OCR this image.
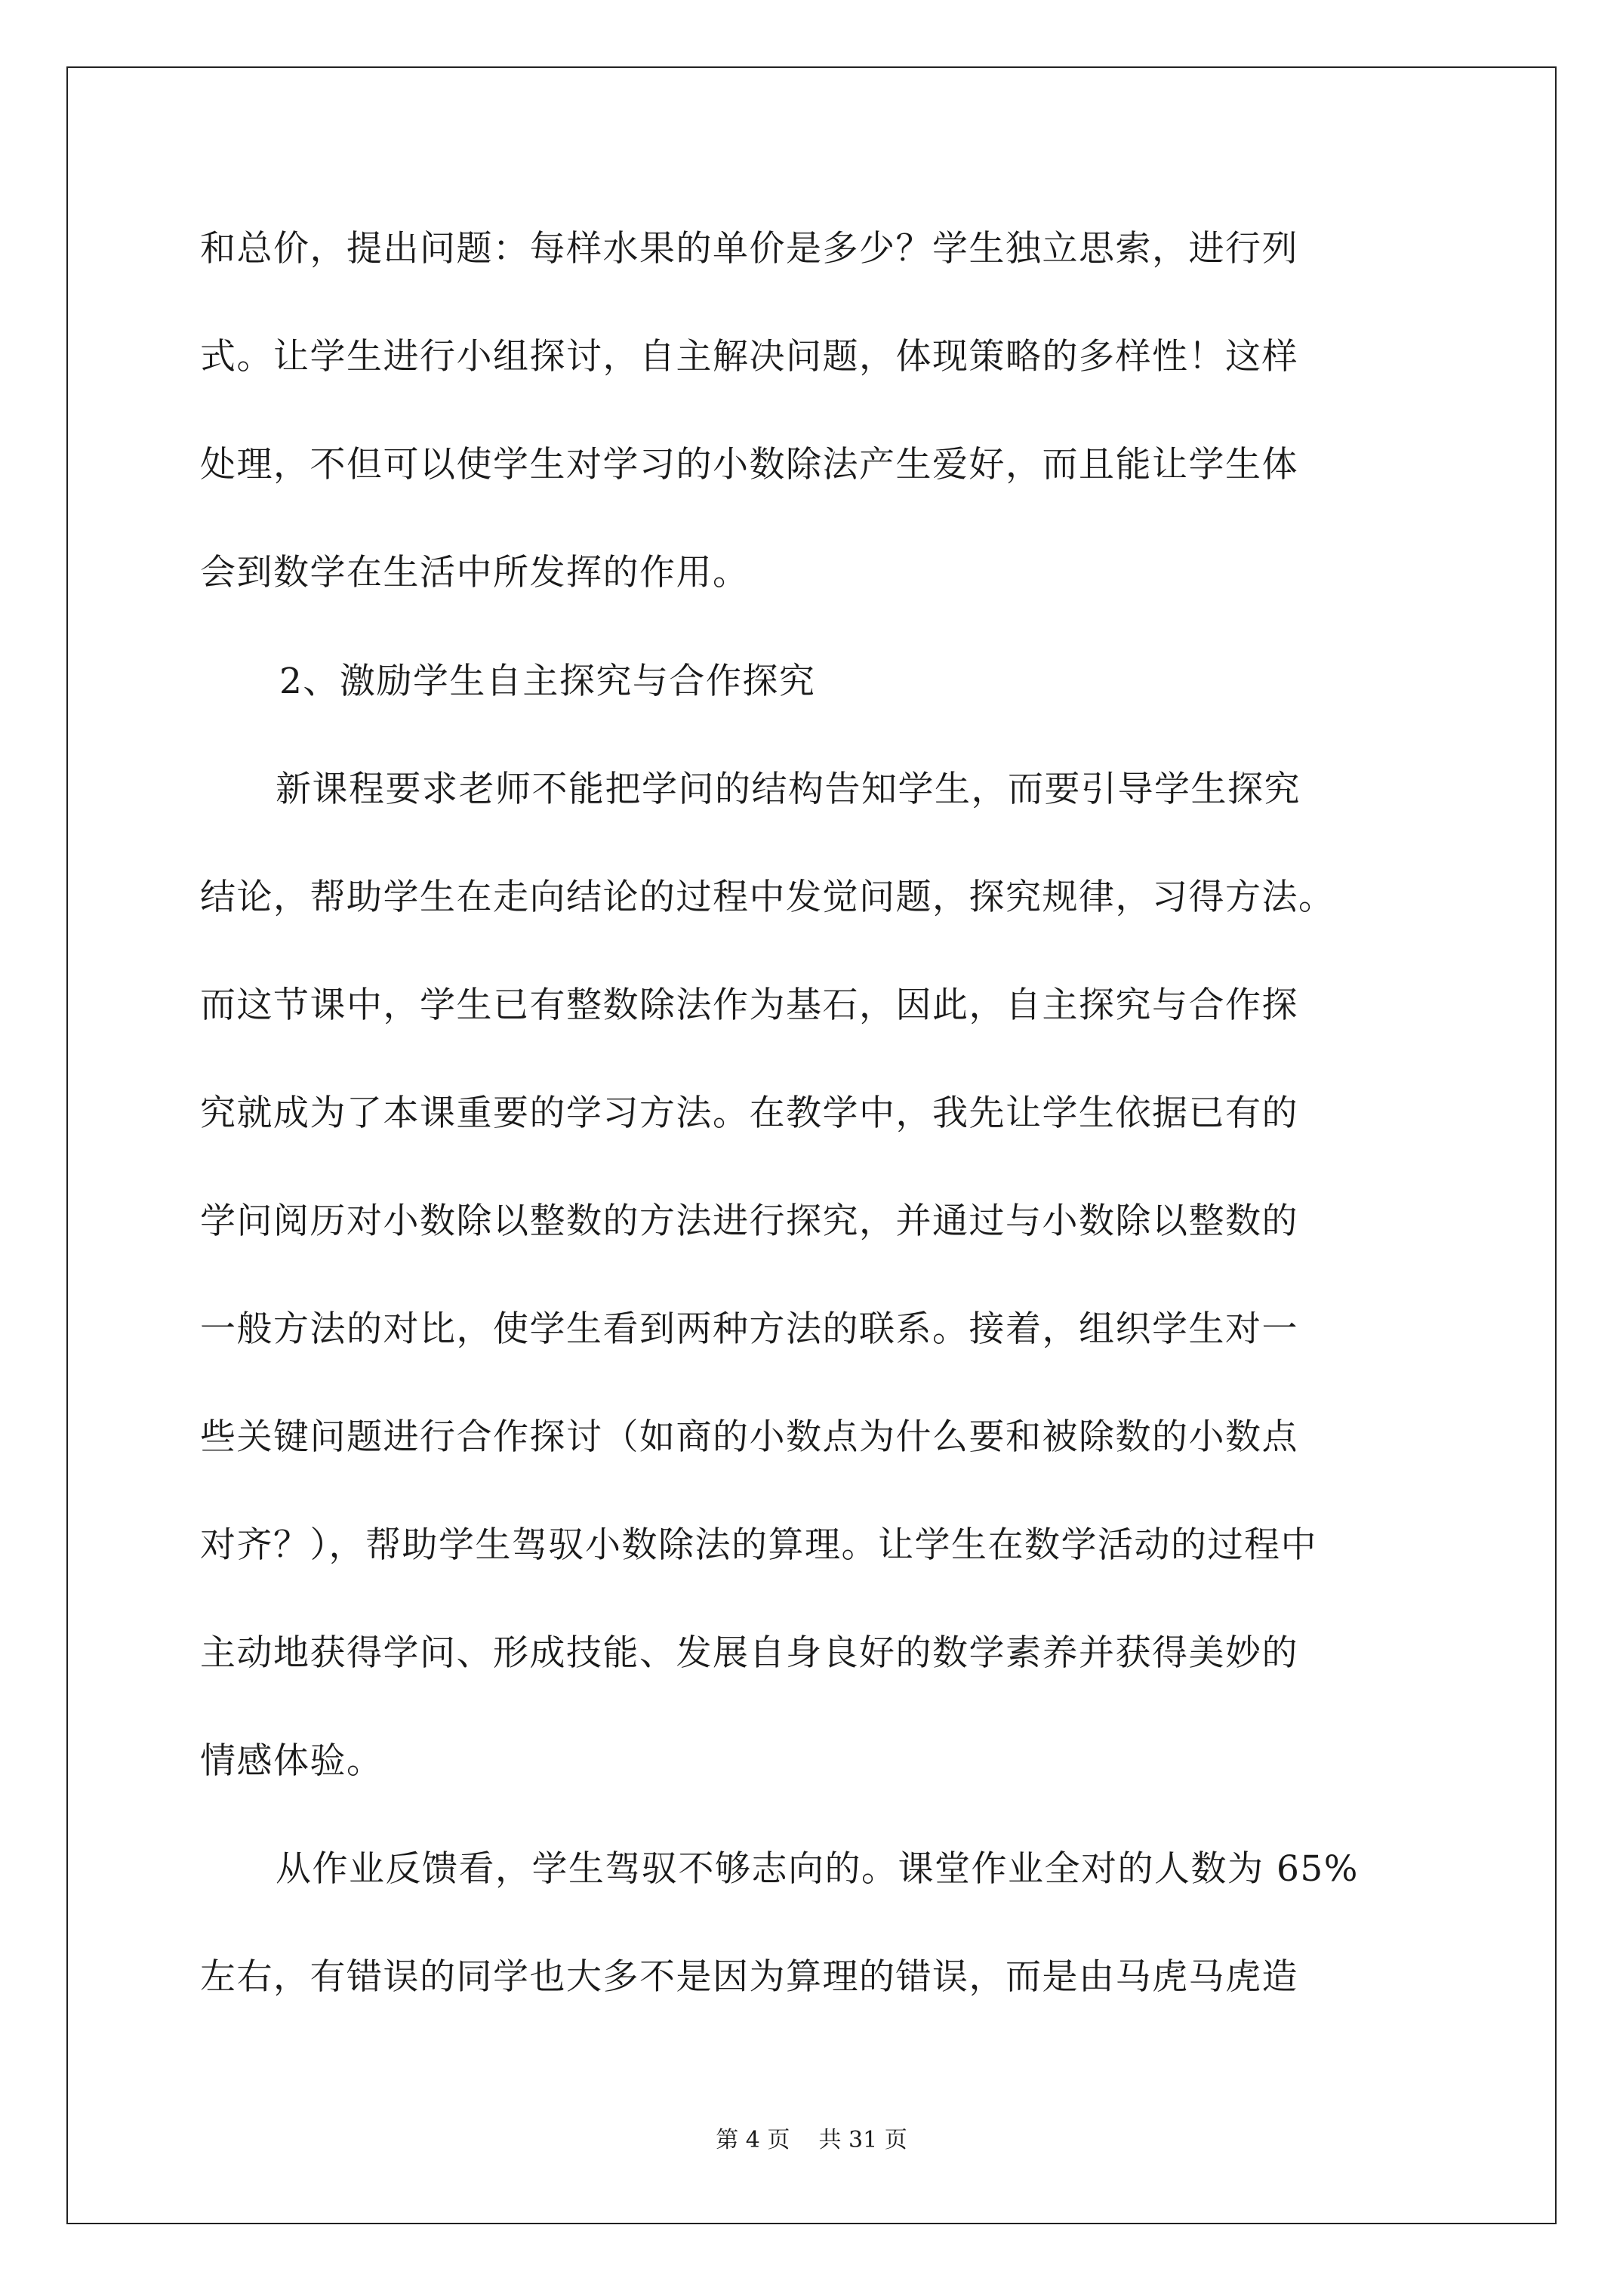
和总价，提出问题：每样水果的单价是多少？学生独立思索，进行列

式。让学生进行小组探讨，自主解决问题，体现策略的多样性！这样

处理，不但可以使学生对学习的小数除法产生爱好，而且能让学生体

会到数学在生活中所发挥的作用。

2、激励学生自主探究与合作探究

新课程要求老师不能把学问的结构告知学生，而要引导学生探究

结论，帮助学生在走向结论的过程中发觉问题，探究规律，习得方法。

而这节课中，学生已有整数除法作为基石，因此，自主探究与合作探

究就成为了本课重要的学习方法。在教学中，我先让学生依据已有的

学问阅历对小数除以整数的方法进行探究，并通过与小数除以整数的

一般方法的对比，使学生看到两种方法的联系。接着，组织学生对一

些关键问题进行合作探讨（如商的小数点为什么要和被除数的小数点

对齐？），帮助学生驾驭小数除法的算理。让学生在数学活动的过程中

主动地获得学问、形成技能、发展自身良好的数学素养并获得美妙的

情感体验。

从作业反馈看，学生驾驭不够志向的。课堂作业全对的人数为 65%

左右，有错误的同学也大多不是因为算理的错误，而是由马虎马虎造

第 4 页    共 31 页
